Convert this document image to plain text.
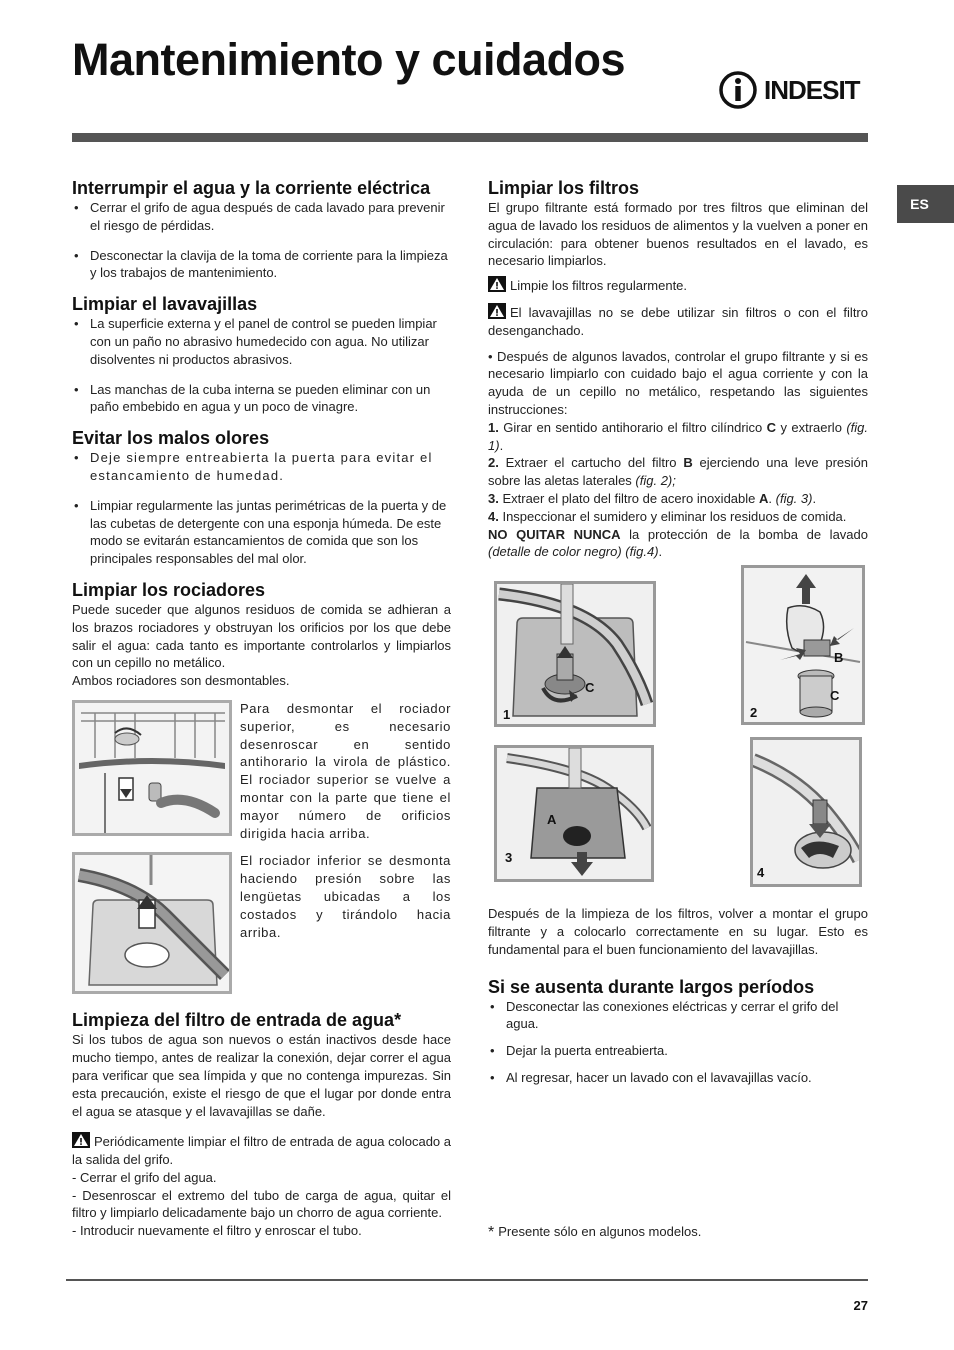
Mantenimiento y cuidados
INDESIT
ES
Interrumpir el agua y la corriente eléctrica
• Cerrar el grifo de agua después de cada lavado para prevenir el riesgo de pérdidas.
• Desconectar la clavija de la toma de corriente para la limpieza y los trabajos de mantenimiento.
Limpiar el lavavajillas
• La superficie externa y el panel de control se pueden limpiar con un paño no abrasivo humedecido con agua. No utilizar disolventes ni productos abrasivos.
• Las manchas de la cuba interna se pueden eliminar con un paño embebido en agua y un poco de vinagre.
Evitar los malos olores
• Deje siempre entreabierta la puerta para evitar el estancamiento de humedad.
• Limpiar regularmente las juntas perimétricas de la puerta y de las cubetas de detergente con una esponja húmeda. De este modo se evitarán estancamientos de comida que son los principales responsables del mal olor.
Limpiar los rociadores

Puede suceder que algunos residuos de comida se adhieran a los brazos rociadores y obstruyan los orificios por los que debe salir el agua: cada tanto es importante controlarlos y limpiarlos con un cepillo no metálico.

Ambos rociadores son desmontables.

Para desmontar el rociador superior, es necesario desenroscar en sentido antihorario la virola de plástico. El rociador superior se vuelve a montar con la parte que tiene el mayor número de orificios dirigida hacia arriba.

El rociador inferior se desmonta haciendo presión sobre las lengüetas ubicadas a los costados y tirándolo hacia arriba.

Limpieza del filtro de entrada de agua*

Si los tubos de agua son nuevos o están inactivos desde hace mucho tiempo, antes de realizar la conexión, dejar correr el agua para verificar que sea límpida y que no contenga impurezas. Sin esta precaución, existe el riesgo de que el lugar por donde entra el agua se atasque y el lavavajillas se dañe.

Periódicamente limpiar el filtro de entrada de agua colocado a la salida del grifo.

- Cerrar el grifo del agua.

- Desenroscar el extremo del tubo de carga de agua, quitar el filtro y limpiarlo delicadamente bajo un chorro de agua corriente.

- Introducir nuevamente el filtro y enroscar el tubo.

Limpiar los filtros

El grupo filtrante está formado por tres filtros que eliminan del agua de lavado los residuos de alimentos y la vuelven a poner en circulación: para obtener buenos resultados en el lavado, es necesario limpiarlos.

Limpie los filtros regularmente.

El lavavajillas no se debe utilizar sin filtros o con el filtro desenganchado.

• Después de algunos lavados, controlar el grupo filtrante y si es necesario limpiarlo con cuidado bajo el agua corriente y con la ayuda de un cepillo no metálico, respetando las siguientes instrucciones:

1. Girar en sentido antihorario el filtro cilíndrico C y extraerlo (fig. 1).

2. Extraer el cartucho del filtro B ejerciendo una leve presión sobre las aletas laterales (fig. 2);

3. Extraer el plato del filtro de acero inoxidable A. (fig. 3).

4. Inspeccionar el sumidero y eliminar los residuos de comida.

NO QUITAR NUNCA la protección de la bomba de lavado (detalle de color negro) (fig.4).

1
C
2
B
C
3
A
4

Después de la limpieza de los filtros, volver a montar el grupo filtrante y a colocarlo correctamente en su lugar. Esto es fundamental para el buen funcionamiento del lavavajillas.

Si se ausenta durante largos períodos
• Desconectar las conexiones eléctricas y cerrar el grifo del agua.
• Dejar la puerta entreabierta.
• Al regresar, hacer un lavado con el lavavajillas vacío.
* Presente sólo en algunos modelos.
27
